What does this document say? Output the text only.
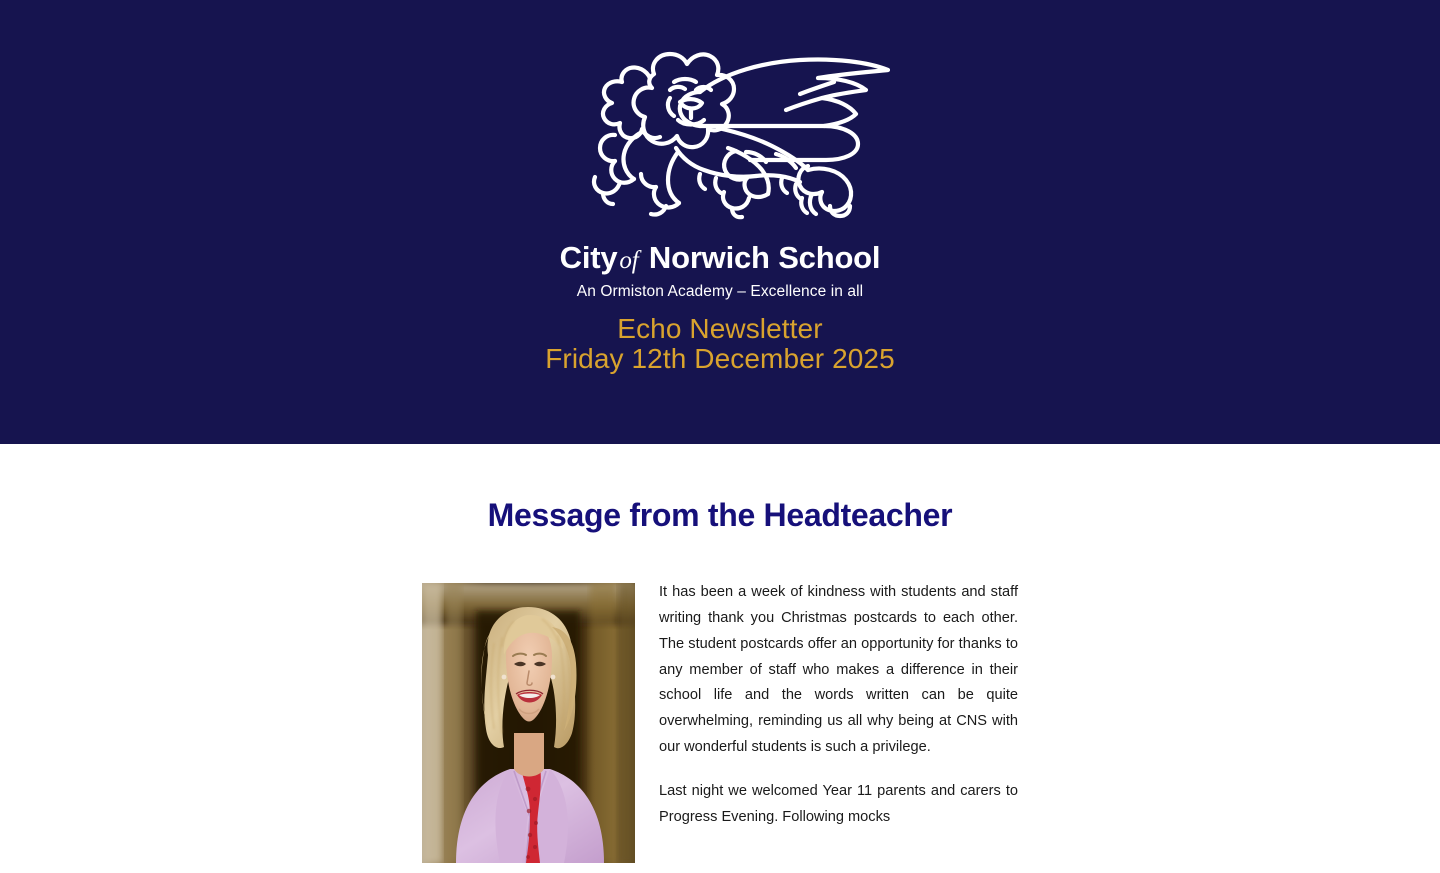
Cityof Norwich School
An Ormiston Academy – Excellence in all
Echo Newsletter
Friday 12th December 2025
Message from the Headteacher

It has been a week of kindness with students and staff writing thank you Christmas postcards to each other. The student postcards offer an opportunity for thanks to any member of staff who makes a difference in their school life and the words written can be quite overwhelming, reminding us all why being at CNS with our wonderful students is such a privilege.

Last night we welcomed Year 11 parents and carers to Progress Evening. Following mocks
